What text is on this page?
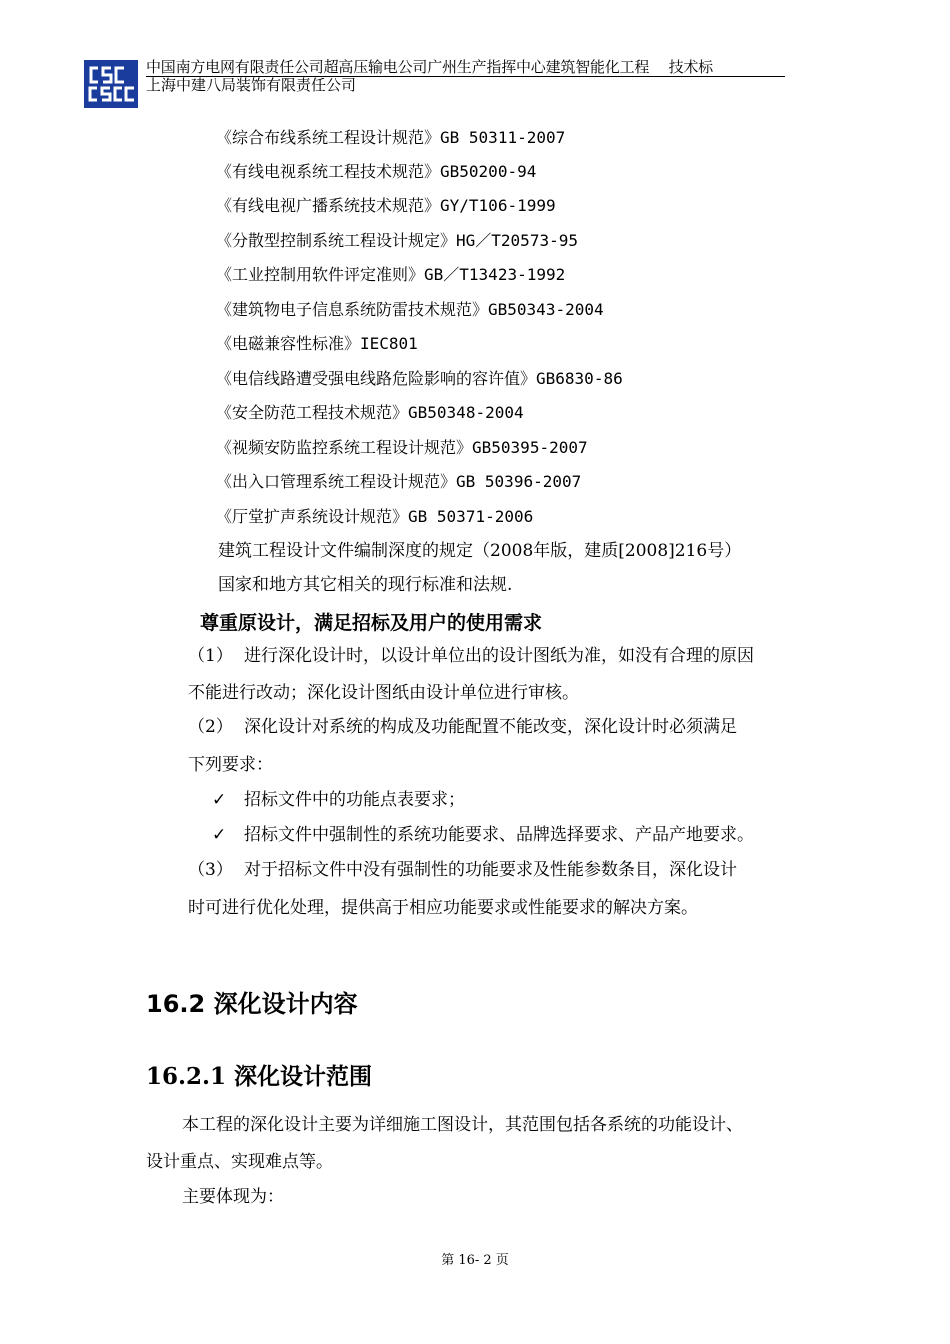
中国南方电网有限责任公司超高压输电公司广州生产指挥中心建筑智能化工程　 技术标
上海中建八局装饰有限责任公司
《综合布线系统工程设计规范》GB 50311-2007
《有线电视系统工程技术规范》GB50200-94
《有线电视广播系统技术规范》GY/T106-1999
《分散型控制系统工程设计规定》HG／T20573-95
《工业控制用软件评定准则》GB／T13423-1992
《建筑物电子信息系统防雷技术规范》GB50343-2004
《电磁兼容性标准》IEC801
《电信线路遭受强电线路危险影响的容许值》GB6830-86
《安全防范工程技术规范》GB50348-2004
《视频安防监控系统工程设计规范》GB50395-2007
《出入口管理系统工程设计规范》GB 50396-2007
《厅堂扩声系统设计规范》GB 50371-2006
建筑工程设计文件编制深度的规定（2008年版，建质[2008]216号）
国家和地方其它相关的现行标准和法规.
尊重原设计，满足招标及用户的使用需求
（1） 进行深化设计时，以设计单位出的设计图纸为准，如没有合理的原因
不能进行改动；深化设计图纸由设计单位进行审核。
（2） 深化设计对系统的构成及功能配置不能改变，深化设计时必须满足
下列要求：
✓ 招标文件中的功能点表要求；
✓ 招标文件中强制性的系统功能要求、品牌选择要求、产品产地要求。
（3） 对于招标文件中没有强制性的功能要求及性能参数条目，深化设计
时可进行优化处理，提供高于相应功能要求或性能要求的解决方案。
16.2 深化设计内容
16.2.1 深化设计范围
本工程的深化设计主要为详细施工图设计，其范围包括各系统的功能设计、
设计重点、实现难点等。
主要体现为：
第 16- 2 页
